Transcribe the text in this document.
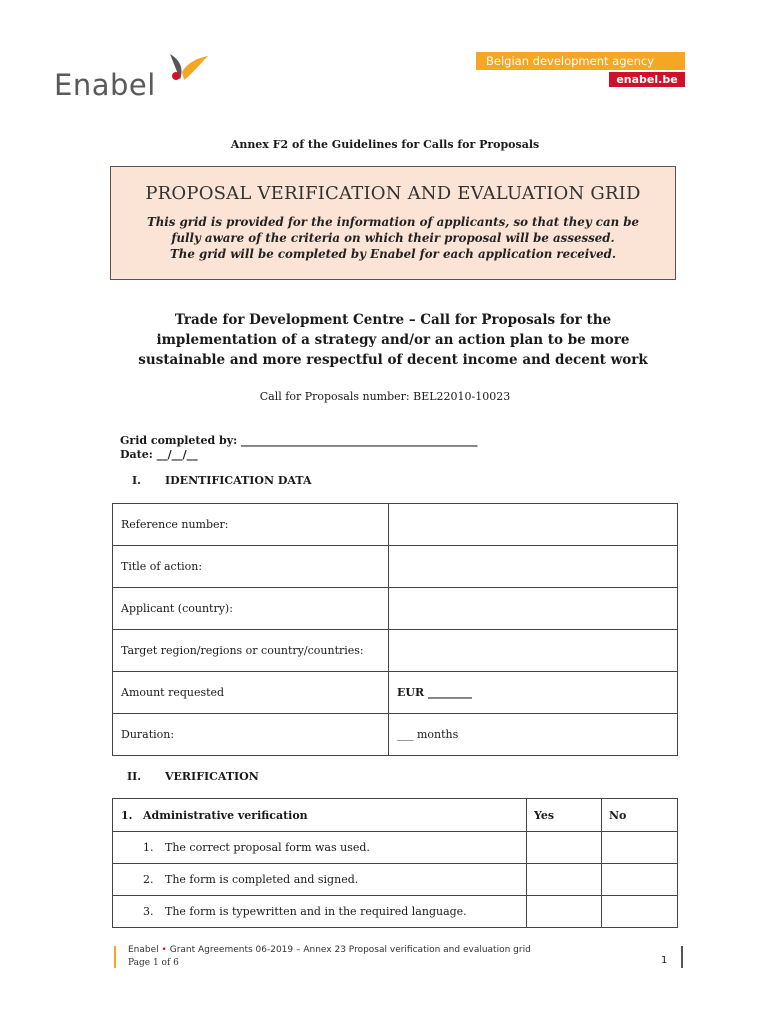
Enabel
Belgian development agency
enabel.be
Annex F2 of the Guidelines for Calls for Proposals
PROPOSAL VERIFICATION AND EVALUATION GRID
This grid is provided for the information of applicants, so that they can be
fully aware of the criteria on which their proposal will be assessed.
The grid will be completed by Enabel for each application received.
Trade for Development Centre – Call for Proposals for the
implementation of a strategy and/or an action plan to be more
sustainable and more respectful of decent income and decent work
Call for Proposals number: BEL22010-10023
Grid completed by: ___________________________________________
Date: __/__/__
I. IDENTIFICATION DATA
Reference number:	
Title of action:	
Applicant (country):	
Target region/regions or country/countries:	
Amount requested	EUR ________
Duration:	___ months
II. VERIFICATION
1. Administrative verification	Yes	No
1. The correct proposal form was used.		
2. The form is completed and signed.		
3. The form is typewritten and in the required language.		
Enabel • Grant Agreements 06-2019 – Annex 23 Proposal verification and evaluation grid
Page 1 of 6	1
